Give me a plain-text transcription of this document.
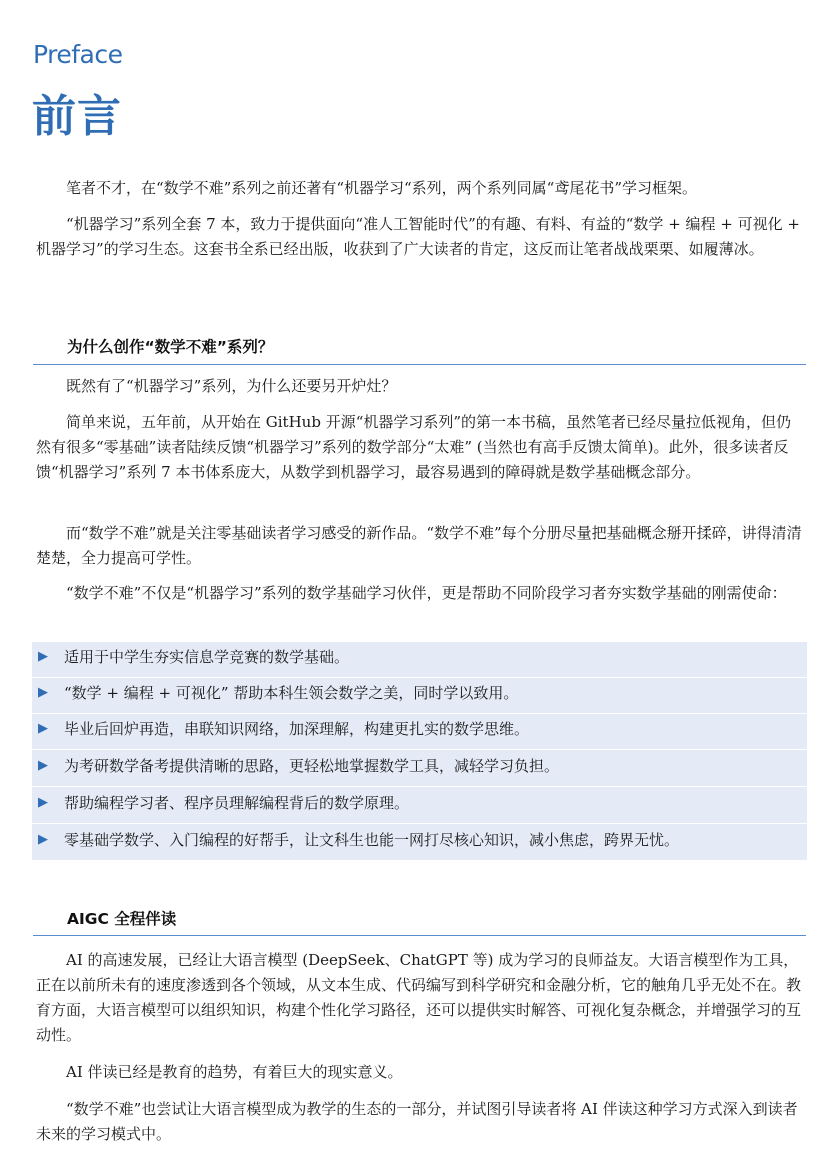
Preface
前言

笔者不才，在“数学不难”系列之前还著有“机器学习“系列，两个系列同属“鸢尾花书”学习框架。

“机器学习”系列全套 7 本，致力于提供面向“准人工智能时代”的有趣、有料、有益的“数学 + 编程 + 可视化 + 机器学习”的学习生态。这套书全系已经出版，收获到了广大读者的肯定，这反而让笔者战战栗栗、如履薄冰。

为什么创作“数学不难”系列？

既然有了“机器学习”系列，为什么还要另开炉灶？

简单来说，五年前，从开始在 GitHub 开源“机器学习系列”的第一本书稿，虽然笔者已经尽量拉低视角，但仍然有很多“零基础”读者陆续反馈“机器学习”系列的数学部分“太难” (当然也有高手反馈太简单)。此外，很多读者反馈“机器学习”系列 7 本书体系庞大，从数学到机器学习，最容易遇到的障碍就是数学基础概念部分。

而“数学不难”就是关注零基础读者学习感受的新作品。“数学不难”每个分册尽量把基础概念掰开揉碎，讲得清清楚楚，全力提高可学性。

“数学不难”不仅是“机器学习”系列的数学基础学习伙伴，更是帮助不同阶段学习者夯实数学基础的刚需使命：

▶ 适用于中学生夯实信息学竞赛的数学基础。
▶ “数学 + 编程 + 可视化” 帮助本科生领会数学之美，同时学以致用。
▶ 毕业后回炉再造，串联知识网络，加深理解，构建更扎实的数学思维。
▶ 为考研数学备考提供清晰的思路，更轻松地掌握数学工具，减轻学习负担。
▶ 帮助编程学习者、程序员理解编程背后的数学原理。
▶ 零基础学数学、入门编程的好帮手，让文科生也能一网打尽核心知识，减小焦虑，跨界无忧。
AIGC 全程伴读

AI 的高速发展，已经让大语言模型 (DeepSeek、ChatGPT 等) 成为学习的良师益友。大语言模型作为工具，正在以前所未有的速度渗透到各个领域，从文本生成、代码编写到科学研究和金融分析，它的触角几乎无处不在。教育方面，大语言模型可以组织知识，构建个性化学习路径，还可以提供实时解答、可视化复杂概念，并增强学习的互动性。

AI 伴读已经是教育的趋势，有着巨大的现实意义。

“数学不难”也尝试让大语言模型成为教学的生态的一部分，并试图引导读者将 AI 伴读这种学习方式深入到读者未来的学习模式中。
